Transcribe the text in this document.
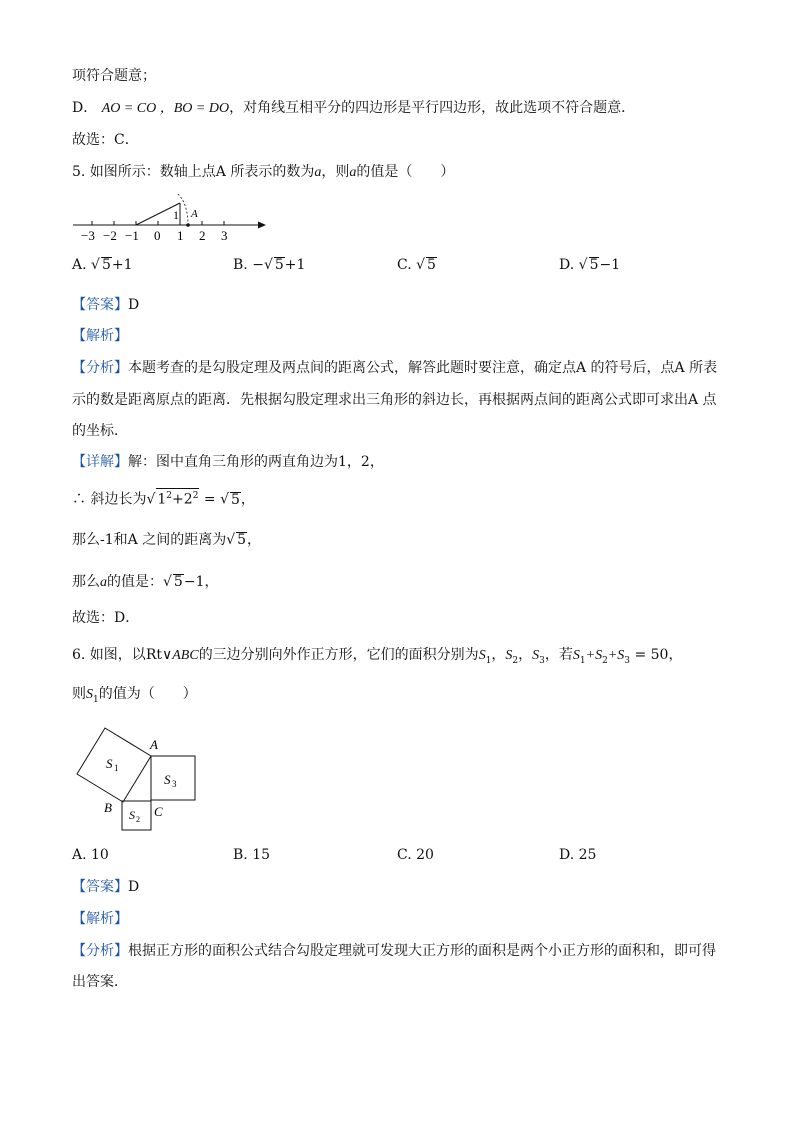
项符合题意；
D． AO = CO ，BO = DO，对角线互相平分的四边形是平行四边形，故此选项不符合题意．
故选：C．
5. 如图所示：数轴上点A 所表示的数为a，则a的值是（　　）
1 A
−3 −2 −1 0 1 2 3
A. √ 5+1	B. −√ 5+1	C. √ 5	D. √ 5−1
【答案】D
【解析】
【分析】本题考查的是勾股定理及两点间的距离公式，解答此题时要注意，确定点A 的符号后，点A 所表
示的数是距离原点的距离．先根据勾股定理求出三角形的斜边长，再根据两点间的距离公式即可求出A 点
的坐标．
【详解】解：图中直角三角形的两直角边为1，2，
∴ 斜边长为√ $1^2+2^2$ = √ 5，
那么-1和A 之间的距离为√ 5，
那么a的值是：√ 5−1，
故选：D．
6. 如图，以Rt∨ABC的三边分别向外作正方形，它们的面积分别为$S_1$，$S_2$，$S_3$，若$S_1+S_2+S_3 = 50$，
则$S_1$的值为（　　）
A
B	C
S 1
S 3
S 2
A. 10	B. 15	C. 20	D. 25
【答案】D
【解析】
【分析】根据正方形的面积公式结合勾股定理就可发现大正方形的面积是两个小正方形的面积和，即可得
出答案．
